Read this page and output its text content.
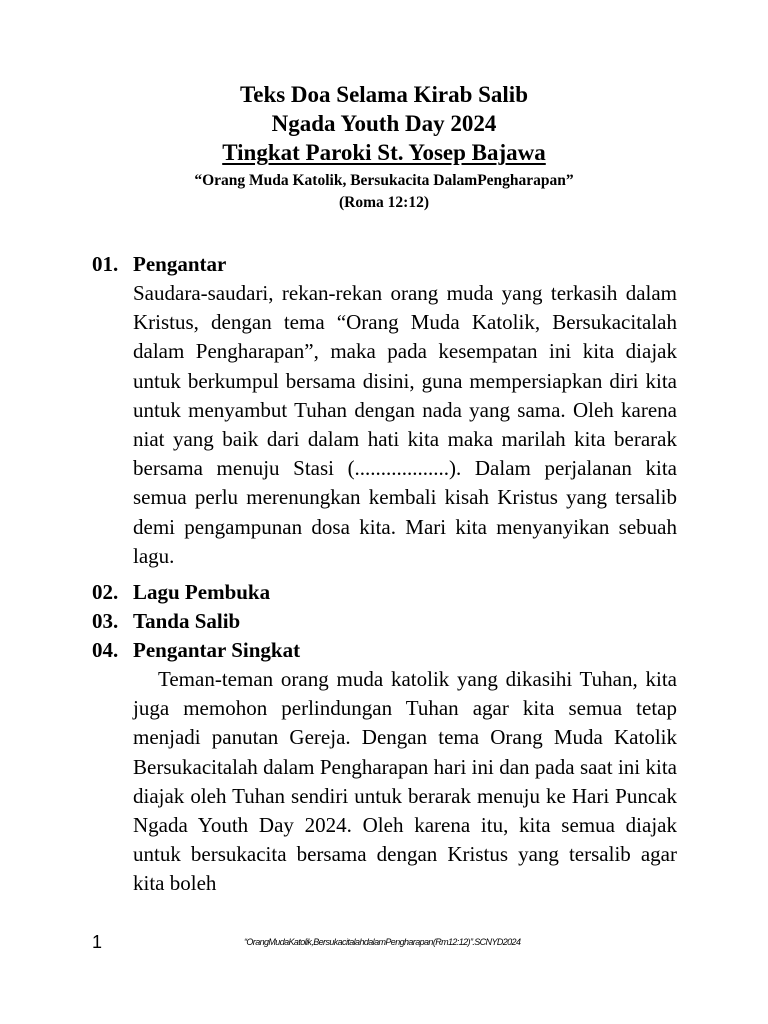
Teks Doa Selama Kirab Salib
Ngada Youth Day 2024
Tingkat Paroki St. Yosep Bajawa
“Orang Muda Katolik, Bersukacita DalamPengharapan”
(Roma 12:12)
01. Pengantar
Saudara-saudari, rekan-rekan orang muda yang terkasih dalam Kristus, dengan tema “Orang Muda Katolik, Bersukacitalah dalam Pengharapan”, maka pada kesempatan ini kita diajak untuk berkumpul bersama disini, guna mempersiapkan diri kita untuk menyambut Tuhan dengan nada yang sama. Oleh karena niat yang baik dari dalam hati kita maka marilah kita berarak bersama menuju Stasi (..................). Dalam perjalanan kita semua perlu merenungkan kembali kisah Kristus yang tersalib demi pengampunan dosa kita. Mari kita menyanyikan sebuah lagu.
02. Lagu Pembuka
03. Tanda Salib
04. Pengantar Singkat
Teman-teman orang muda katolik yang dikasihi Tuhan, kita juga memohon perlindungan Tuhan agar kita semua tetap menjadi panutan Gereja. Dengan tema Orang Muda Katolik Bersukacitalah dalam Pengharapan hari ini dan pada saat ini kita diajak oleh Tuhan sendiri untuk berarak menuju ke Hari Puncak Ngada Youth Day 2024. Oleh karena itu, kita semua diajak untuk bersukacita bersama dengan Kristus yang tersalib agar kita boleh
1	“OrangMudaKatolik,BersukacitalahdalamPengharapan(Rm12:12)”.SCNYD2024
